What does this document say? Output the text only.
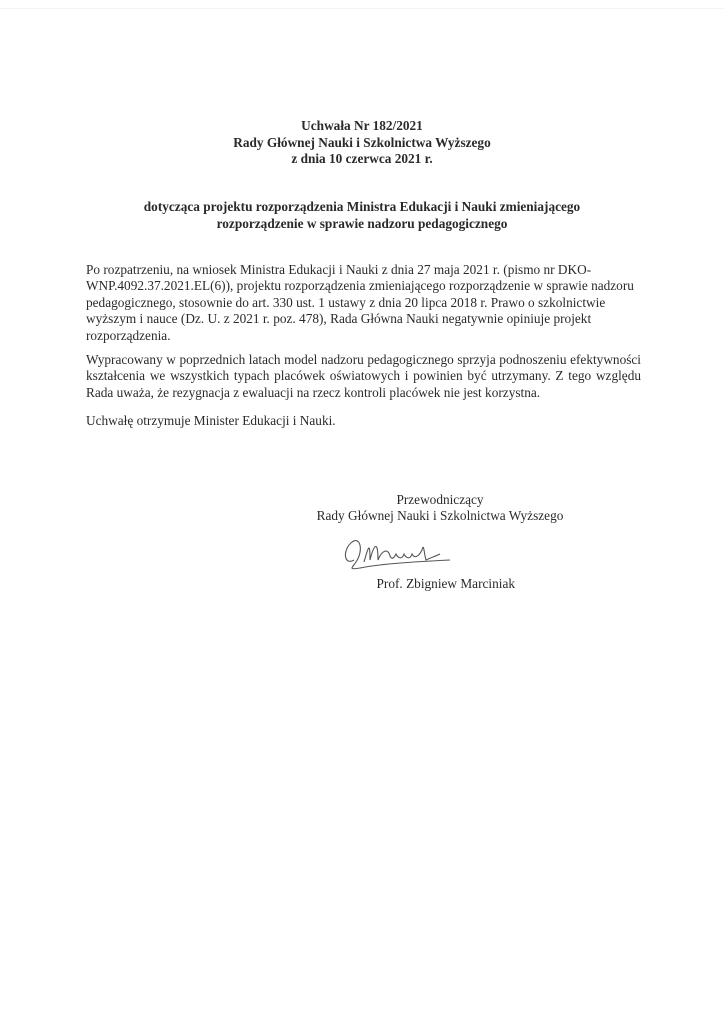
Uchwała Nr 182/2021
Rady Głównej Nauki i Szkolnictwa Wyższego
z dnia 10 czerwca 2021 r.
dotycząca projektu rozporządzenia Ministra Edukacji i Nauki zmieniającego
rozporządzenie w sprawie nadzoru pedagogicznego

Po rozpatrzeniu, na wniosek Ministra Edukacji i Nauki z dnia 27 maja 2021 r. (pismo nr DKO-WNP.4092.37.2021.EL(6)), projektu rozporządzenia zmieniającego rozporządzenie w sprawie nadzoru pedagogicznego, stosownie do art. 330 ust. 1 ustawy z dnia 20 lipca 2018 r. Prawo o szkolnictwie wyższym i nauce (Dz. U. z 2021 r. poz. 478), Rada Główna Nauki negatywnie opiniuje projekt rozporządzenia.

Wypracowany w poprzednich latach model nadzoru pedagogicznego sprzyja podnoszeniu efektywności kształcenia we wszystkich typach placówek oświatowych i powinien być utrzymany. Z tego względu Rada uważa, że rezygnacja z ewaluacji na rzecz kontroli placówek nie jest korzystna.

Uchwałę otrzymuje Minister Edukacji i Nauki.

Przewodniczący
Rady Głównej Nauki i Szkolnictwa Wyższego
Prof. Zbigniew Marciniak
